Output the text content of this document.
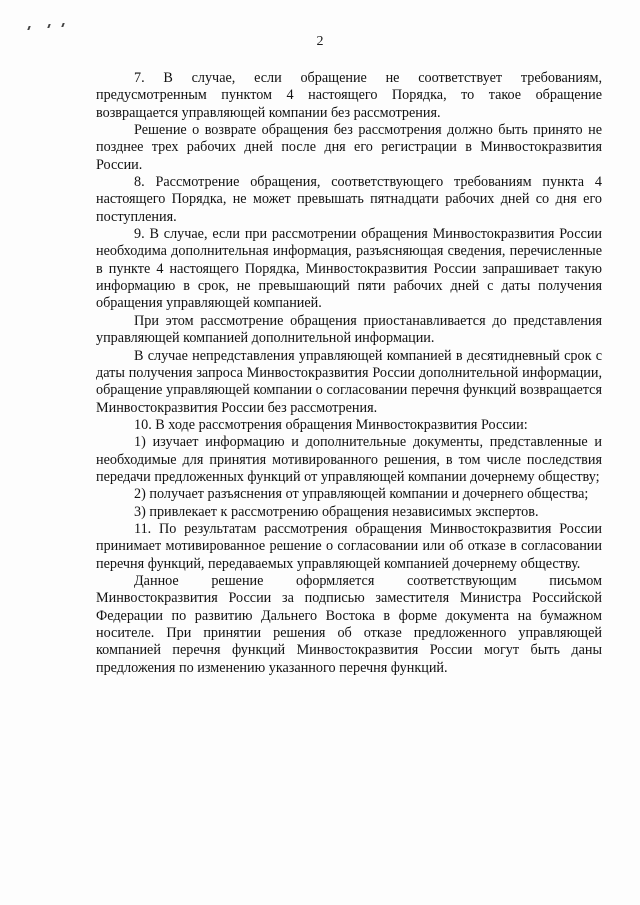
2

7. В случае, если обращение не соответствует требованиям, предусмотренным пунктом 4 настоящего Порядка, то такое обращение возвращается управляющей компании без рассмотрения.

Решение о возврате обращения без рассмотрения должно быть принято не позднее трех рабочих дней после дня его регистрации в Минвостокразвития России.

8. Рассмотрение обращения, соответствующего требованиям пункта 4 настоящего Порядка, не может превышать пятнадцати рабочих дней со дня его поступления.

9. В случае, если при рассмотрении обращения Минвостокразвития России необходима дополнительная информация, разъясняющая сведения, перечисленные в пункте 4 настоящего Порядка, Минвостокразвития России запрашивает такую информацию в срок, не превышающий пяти рабочих дней с даты получения обращения управляющей компанией.

При этом рассмотрение обращения приостанавливается до представления управляющей компанией дополнительной информации.

В случае непредставления управляющей компанией в десятидневный срок с даты получения запроса Минвостокразвития России дополнительной информации, обращение управляющей компании о согласовании перечня функций возвращается Минвостокразвития России без рассмотрения.

10. В ходе рассмотрения обращения Минвостокразвития России:

1) изучает информацию и дополнительные документы, представленные и необходимые для принятия мотивированного решения, в том числе последствия передачи предложенных функций от управляющей компании дочернему обществу;

2) получает разъяснения от управляющей компании и дочернего общества;

3) привлекает к рассмотрению обращения независимых экспертов.

11. По результатам рассмотрения обращения Минвостокразвития России принимает мотивированное решение о согласовании или об отказе в согласовании перечня функций, передаваемых управляющей компанией дочернему обществу.

Данное решение оформляется соответствующим письмом Минвостокразвития России за подписью заместителя Министра Российской Федерации по развитию Дальнего Востока в форме документа на бумажном носителе. При принятии решения об отказе предложенного управляющей компанией перечня функций Минвостокразвития России могут быть даны предложения по изменению указанного перечня функций.
